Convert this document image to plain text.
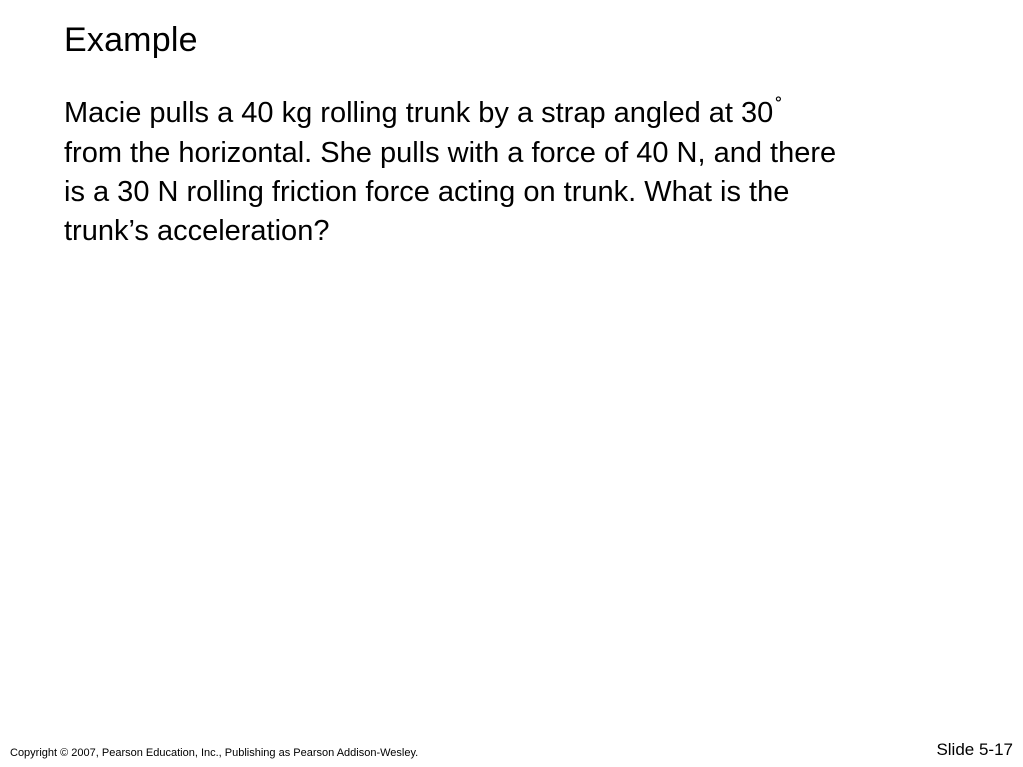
Example

Macie pulls a 40 kg rolling trunk by a strap angled at 30˚
from the horizontal. She pulls with a force of 40 N, and there
is a 30 N rolling friction force acting on trunk. What is the
trunk’s acceleration?

Copyright © 2007, Pearson Education, Inc., Publishing as Pearson Addison-Wesley.	Slide 5-17
